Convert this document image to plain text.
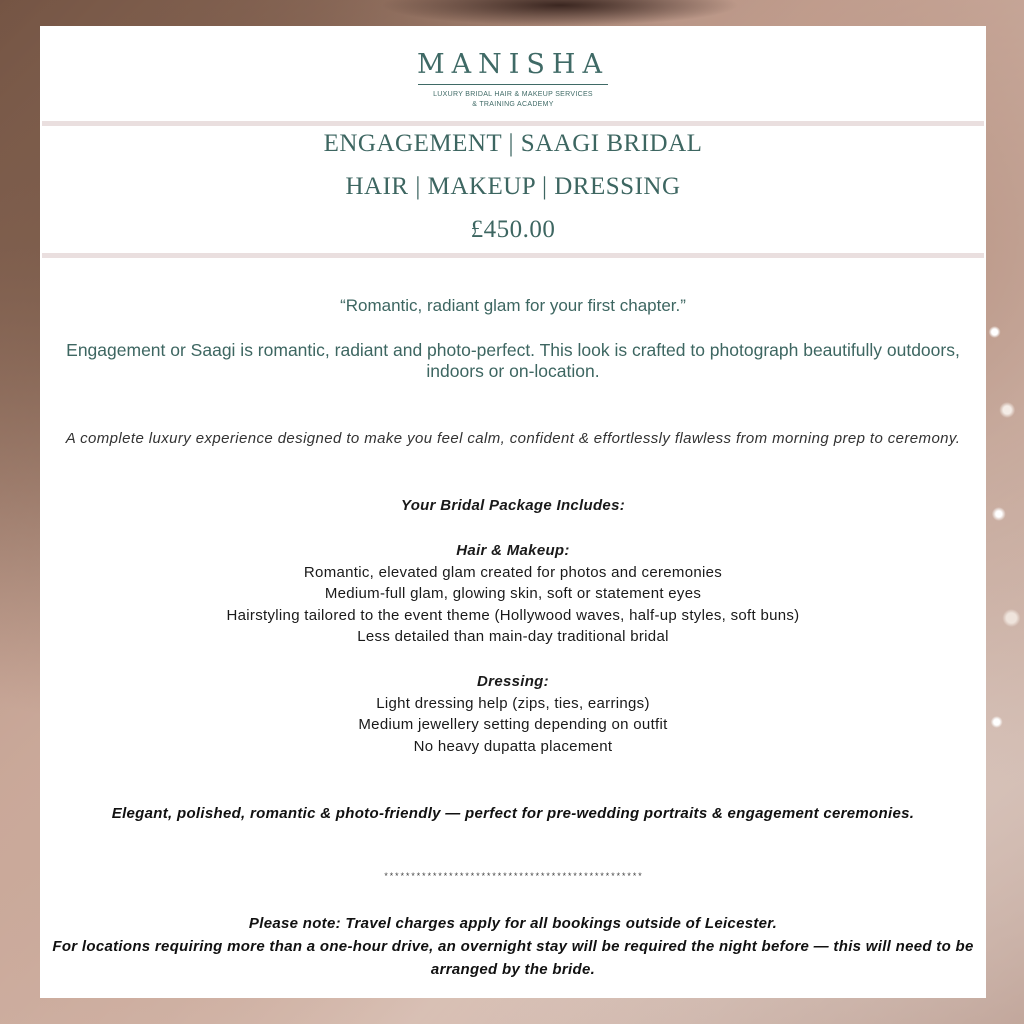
MANISHA
LUXURY BRIDAL HAIR & MAKEUP SERVICES
& TRAINING ACADEMY
ENGAGEMENT | SAAGI BRIDAL
HAIR | MAKEUP | DRESSING
£450.00
“Romantic, radiant glam for your first chapter.”
Engagement or Saagi is romantic, radiant and photo-perfect. This look is crafted to photograph beautifully outdoors, indoors or on-location.
A complete luxury experience designed to make you feel calm, confident & effortlessly flawless from morning prep to ceremony.
Your Bridal Package Includes:
Hair & Makeup:
Romantic, elevated glam created for photos and ceremonies
Medium-full glam, glowing skin, soft or statement eyes
Hairstyling tailored to the event theme (Hollywood waves, half-up styles, soft buns)
Less detailed than main-day traditional bridal
Dressing:
Light dressing help (zips, ties, earrings)
Medium jewellery setting depending on outfit
No heavy dupatta placement
Elegant, polished, romantic & photo-friendly — perfect for pre-wedding portraits & engagement ceremonies.
************************************************
Please note: Travel charges apply for all bookings outside of Leicester.
For locations requiring more than a one-hour drive, an overnight stay will be required the night before — this will need to be arranged by the bride.
